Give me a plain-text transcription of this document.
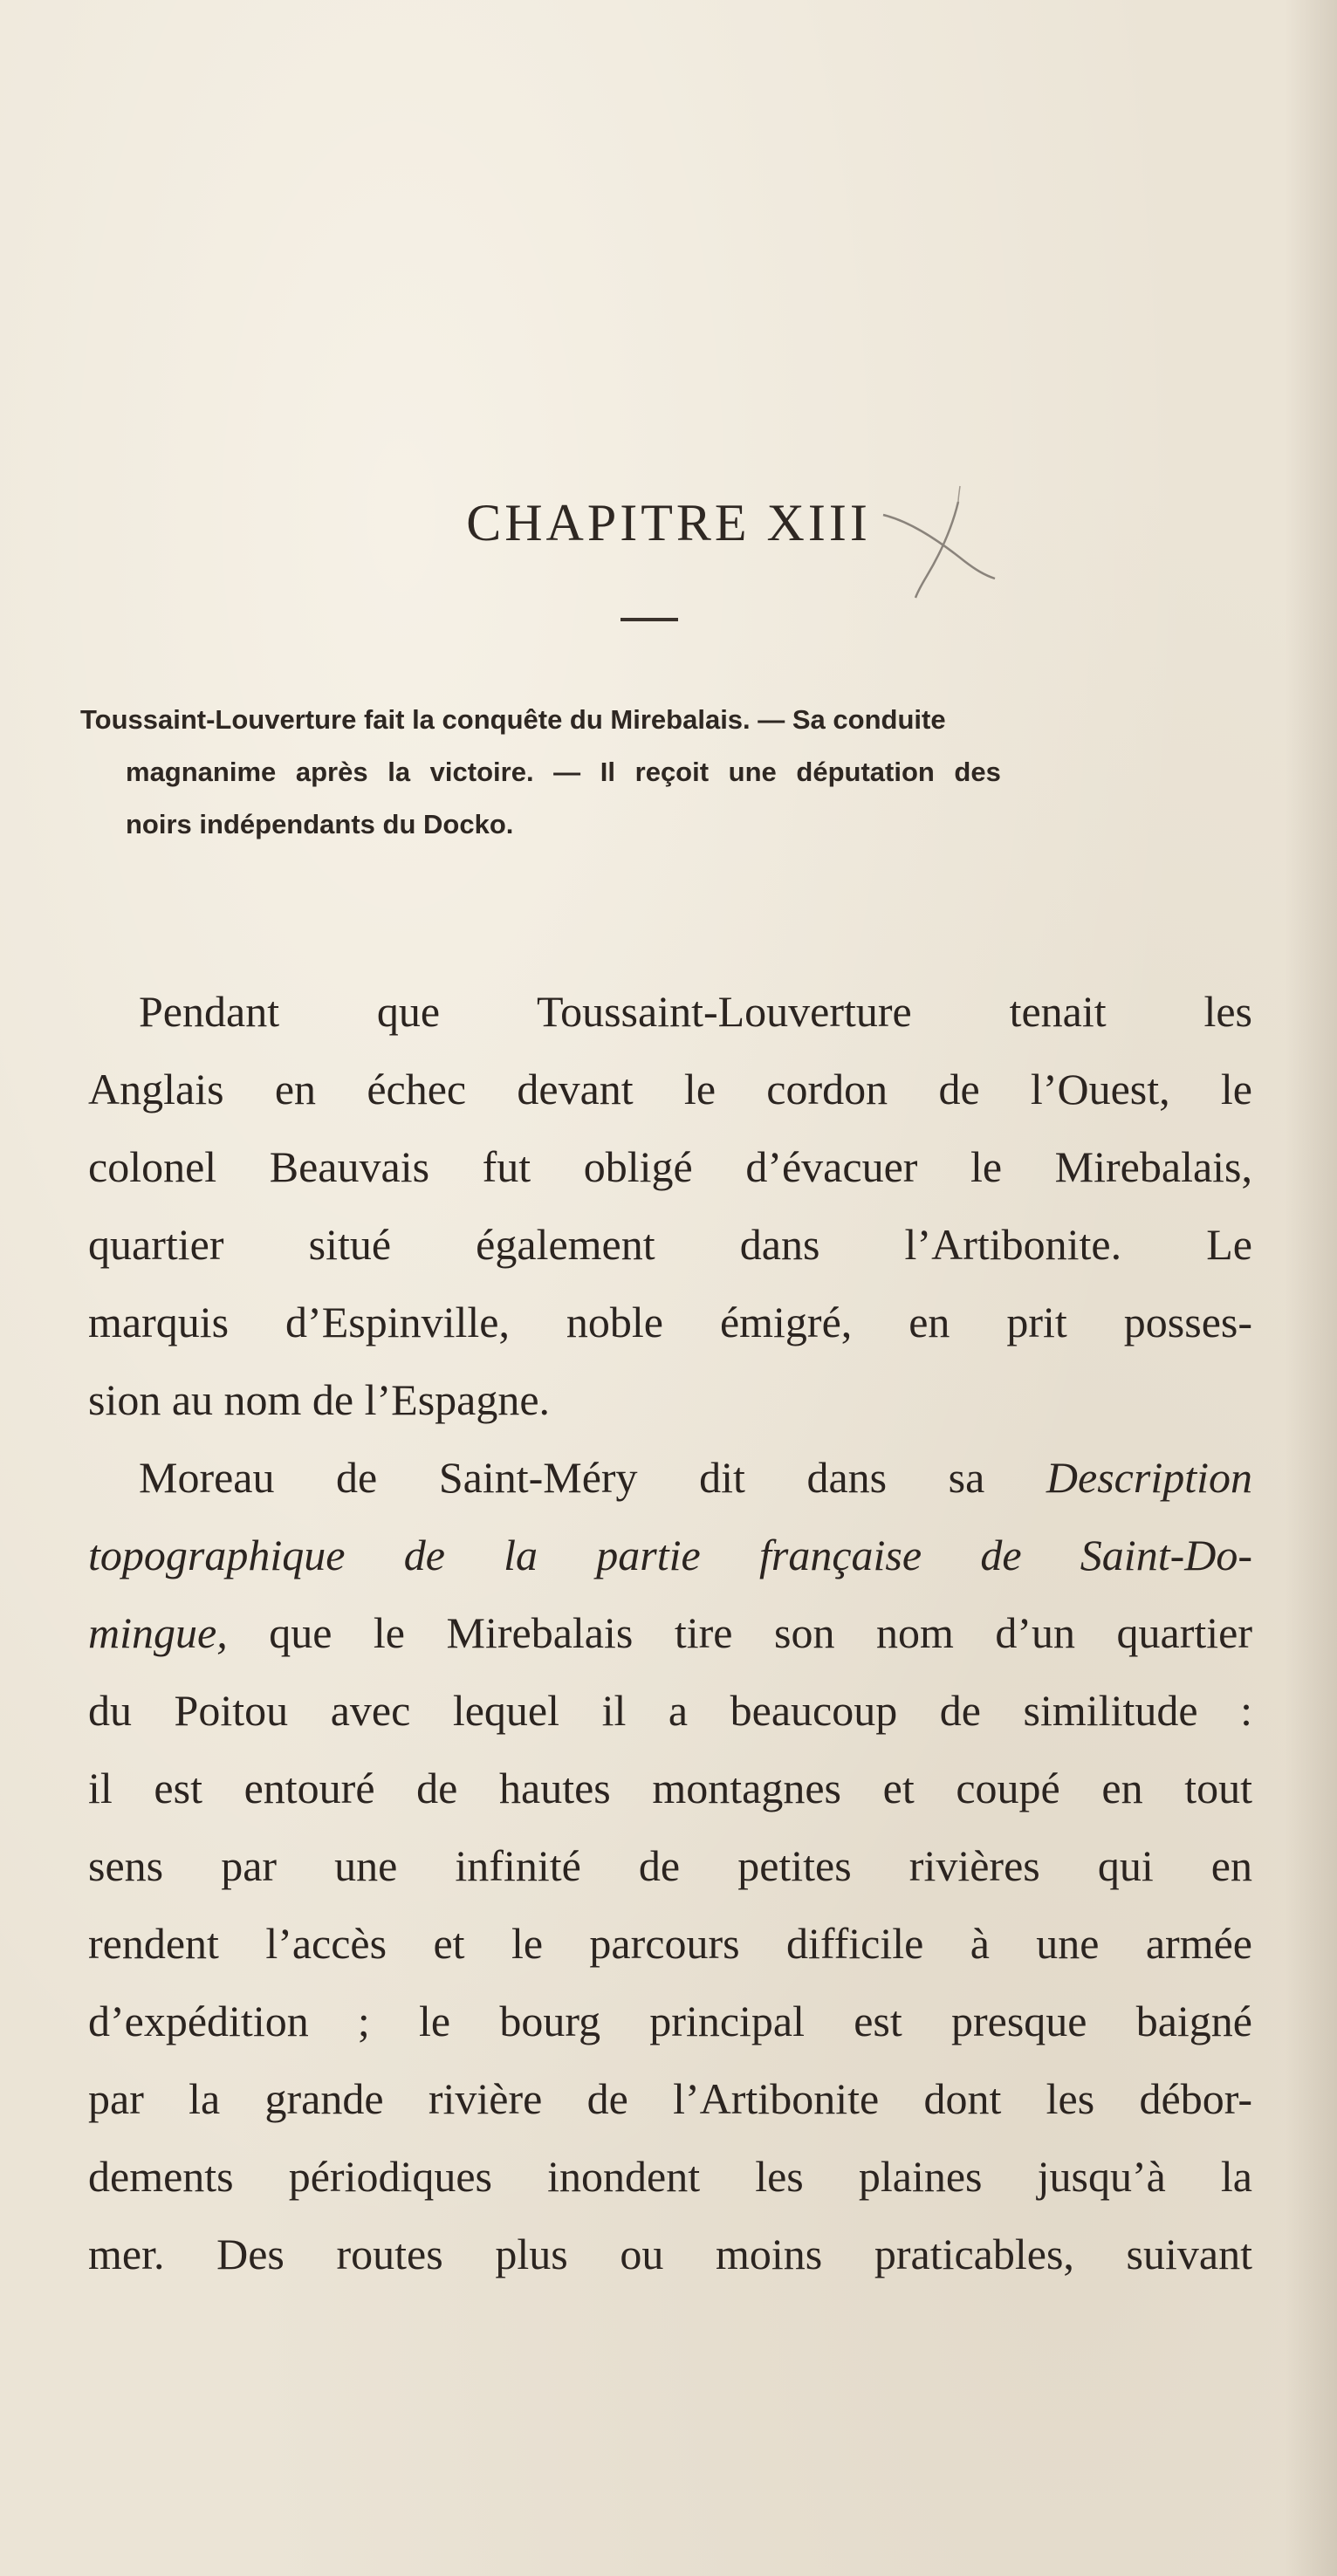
CHAPITRE XIII

Toussaint-Louverture fait la conquête du Mirebalais. — Sa conduite
magnanime après la victoire. — Il reçoit une députation des
noirs indépendants du Docko.

Pendant que Toussaint-Louverture tenait les
Anglais en échec devant le cordon de l’Ouest, le
colonel Beauvais fut obligé d’évacuer le Mirebalais,
quartier situé également dans l’Artibonite. Le
marquis d’Espinville, noble émigré, en prit posses-
sion au nom de l’Espagne.

Moreau de Saint-Méry dit dans sa Description
topographique de la partie française de Saint-Do-
mingue, que le Mirebalais tire son nom d’un quartier
du Poitou avec lequel il a beaucoup de similitude :
il est entouré de hautes montagnes et coupé en tout
sens par une infinité de petites rivières qui en
rendent l’accès et le parcours difficile à une armée
d’expédition ; le bourg principal est presque baigné
par la grande rivière de l’Artibonite dont les débor-
dements périodiques inondent les plaines jusqu’à la
mer. Des routes plus ou moins praticables, suivant
